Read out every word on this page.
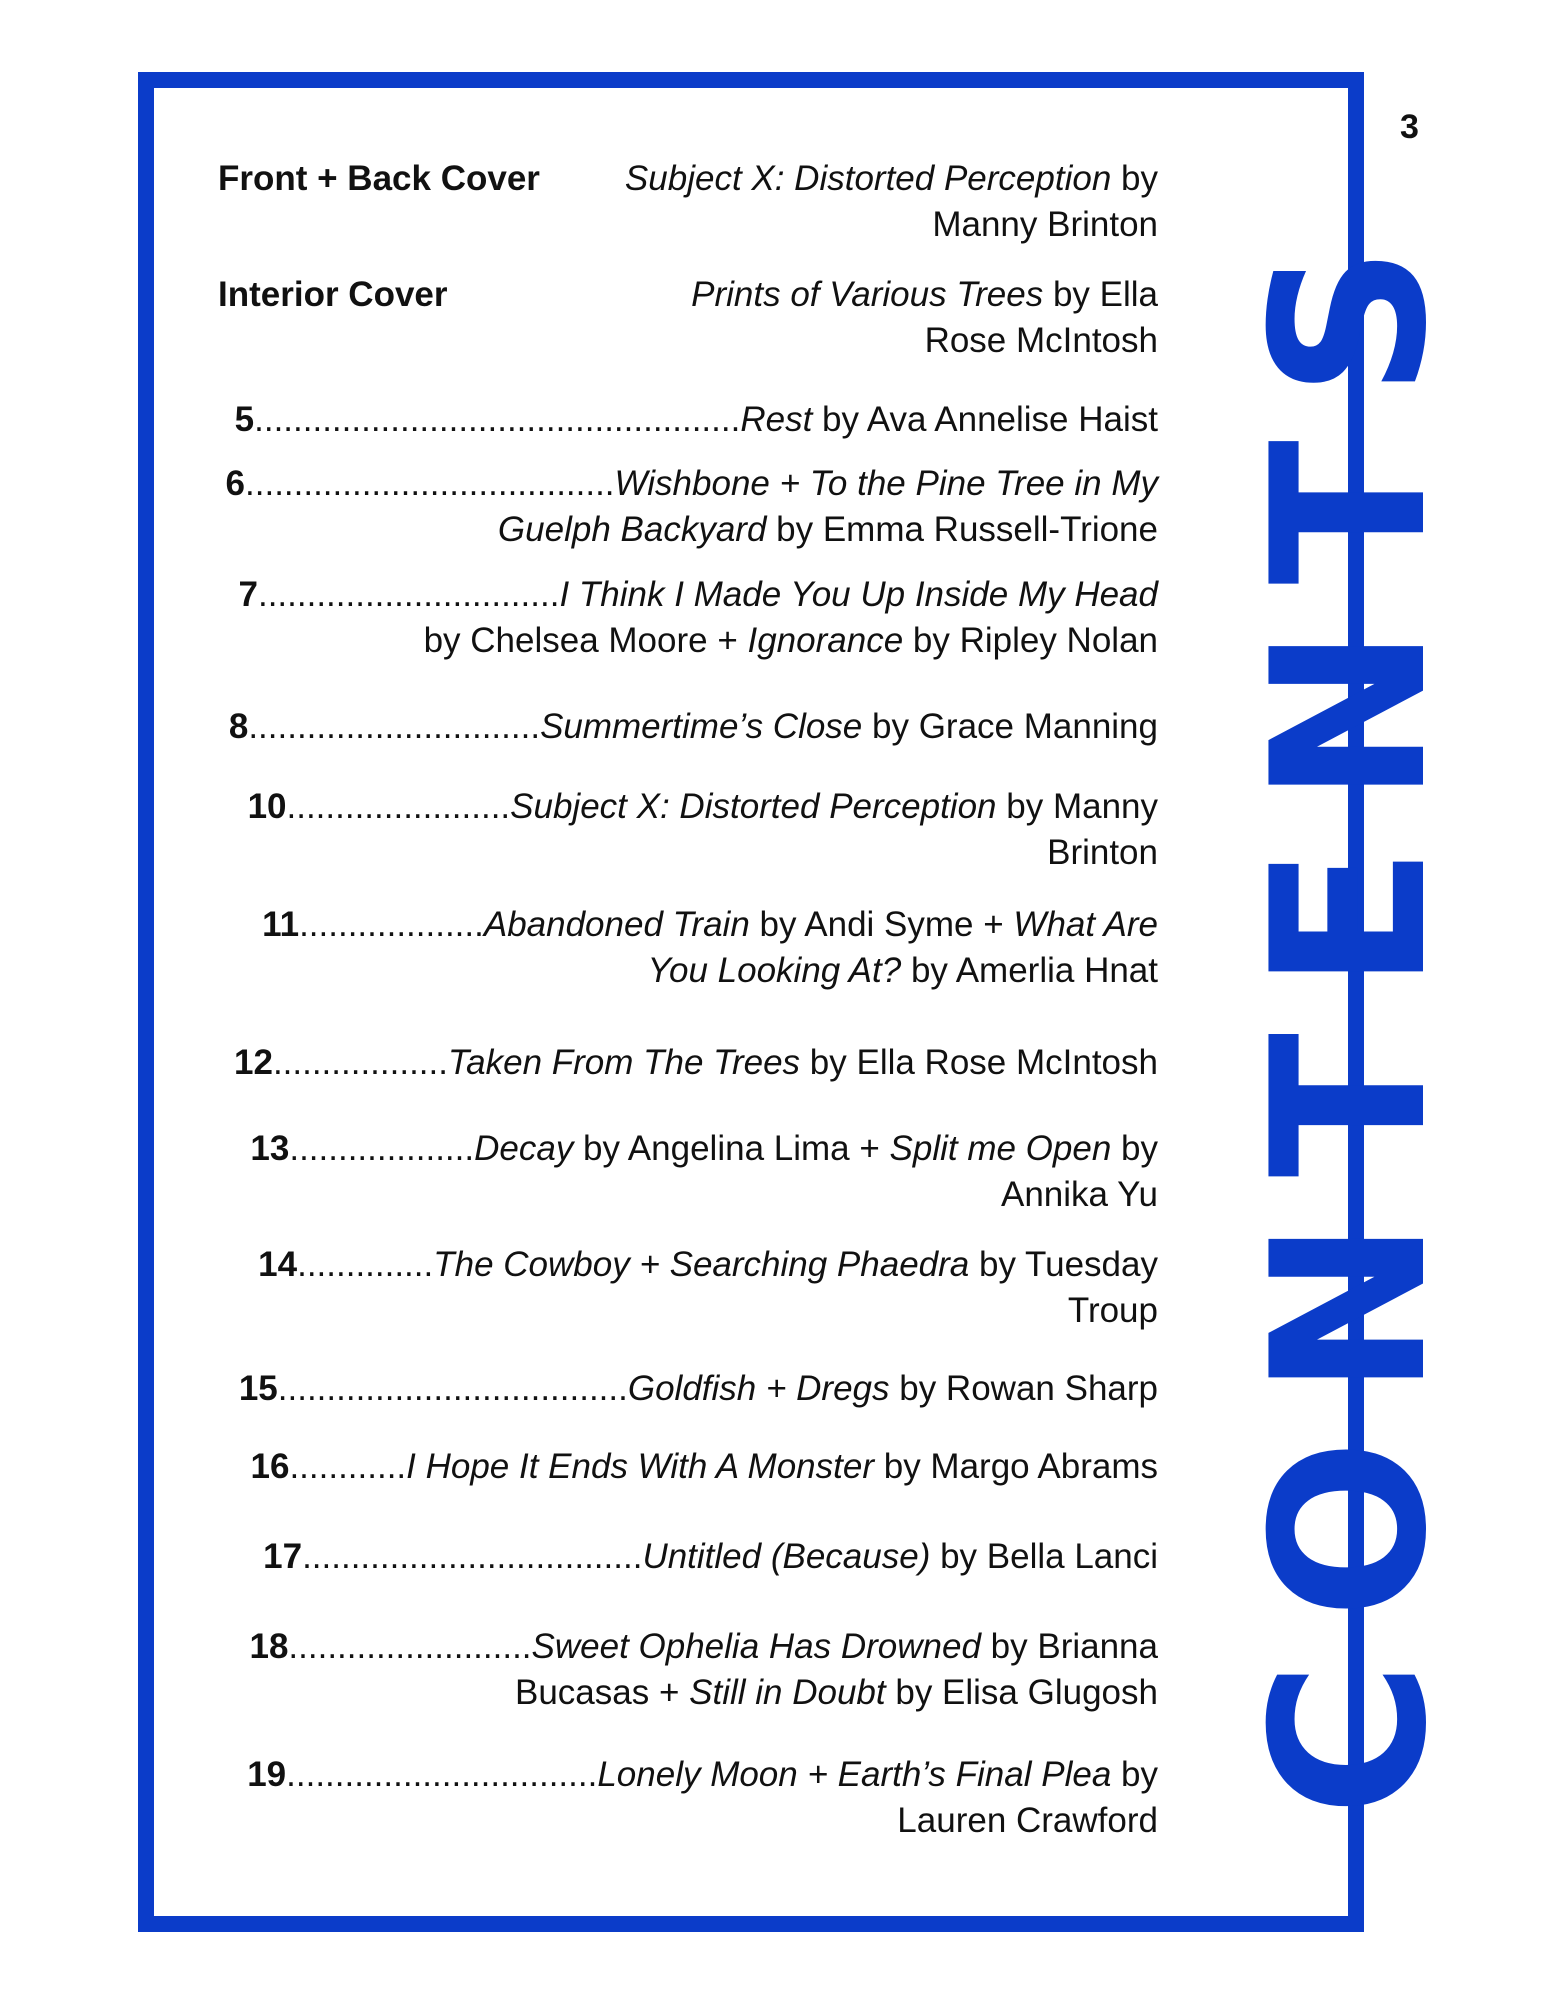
3
CONTENTS
Front + Back Cover	Subject X: Distorted Perception by Manny Brinton
Interior Cover	Prints of Various Trees by Ella Rose McIntosh
5..................................................Rest by Ava Annelise Haist
6......................................Wishbone + To the Pine Tree in My Guelph Backyard by Emma Russell-Trione
7...............................I Think I Made You Up Inside My Head by Chelsea Moore + Ignorance by Ripley Nolan
8..............................Summertime’s Close by Grace Manning
10.......................Subject X: Distorted Perception by Manny Brinton
11...................Abandoned Train by Andi Syme + What Are You Looking At? by Amerlia Hnat
12..................Taken From The Trees by Ella Rose McIntosh
13...................Decay by Angelina Lima + Split me Open by Annika Yu
14..............The Cowboy + Searching Phaedra by Tuesday Troup
15....................................Goldfish + Dregs by Rowan Sharp
16............I Hope It Ends With A Monster by Margo Abrams
17...................................Untitled (Because) by Bella Lanci
18.........................Sweet Ophelia Has Drowned by Brianna Bucasas + Still in Doubt by Elisa Glugosh
19................................Lonely Moon + Earth’s Final Plea by Lauren Crawford
